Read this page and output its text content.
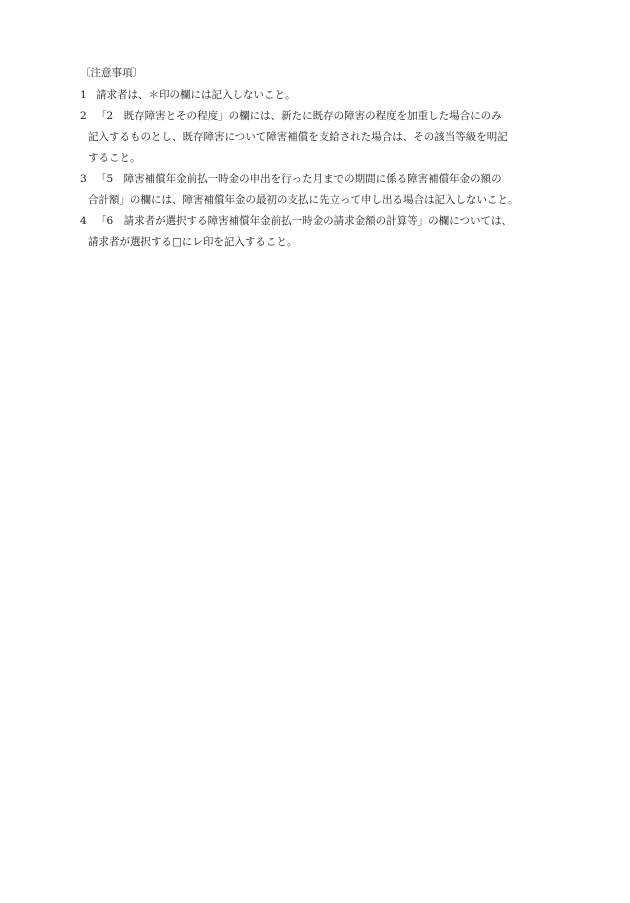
〔注意事項〕
1 請求者は、＊印の欄には記入しないこと。
2 「2　既存障害とその程度」の欄には、新たに既存の障害の程度を加重した場合にのみ
記入するものとし、既存障害について障害補償を支給された場合は、その該当等級を明記
すること。
3 「5　障害補償年金前払一時金の申出を行った月までの期間に係る障害補償年金の額の
合計額」の欄には、障害補償年金の最初の支払に先立って申し出る場合は記入しないこと。
4 「6　請求者が選択する障害補償年金前払一時金の請求金額の計算等」の欄については、
請求者が選択する□にレ印を記入すること。
